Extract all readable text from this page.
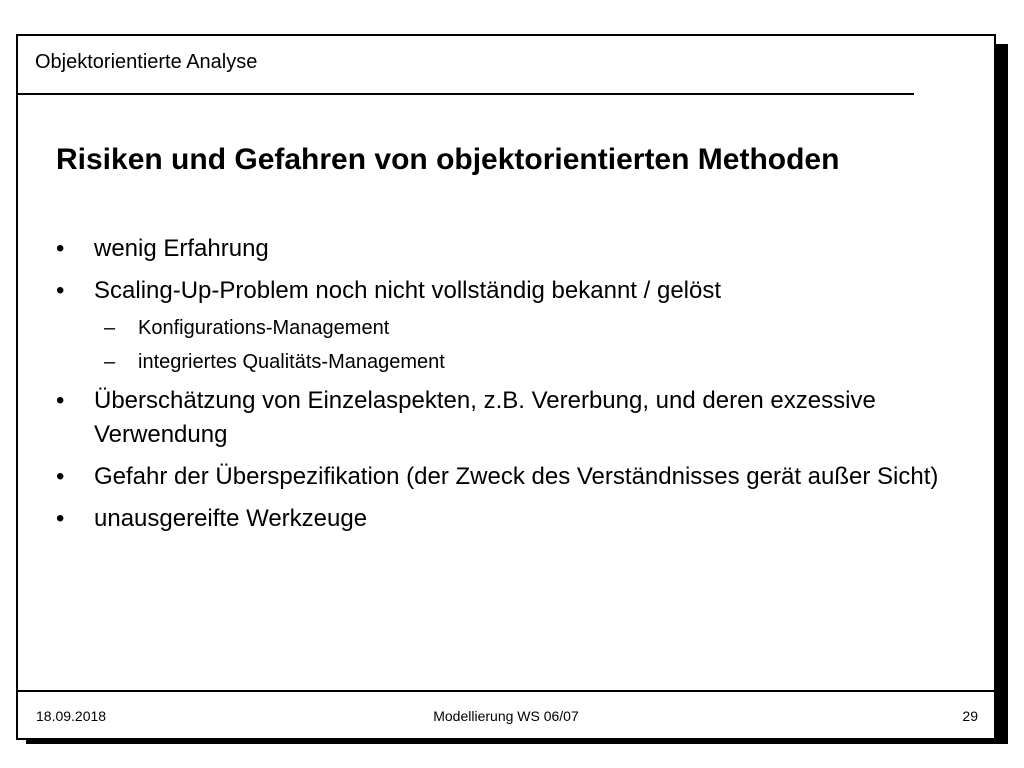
Objektorientierte Analyse
Risiken und Gefahren von objektorientierten Methoden
•	wenig Erfahrung
•	Scaling-Up-Problem noch nicht vollständig bekannt / gelöst
– Konfigurations-Management
– integriertes Qualitäts-Management
•	Überschätzung von Einzelaspekten, z.B. Vererbung, und deren exzessive Verwendung
•	Gefahr der Überspezifikation (der Zweck des Verständnisses gerät außer Sicht)
•	unausgereifte Werkzeuge
18.09.2018	Modellierung WS 06/07	29
